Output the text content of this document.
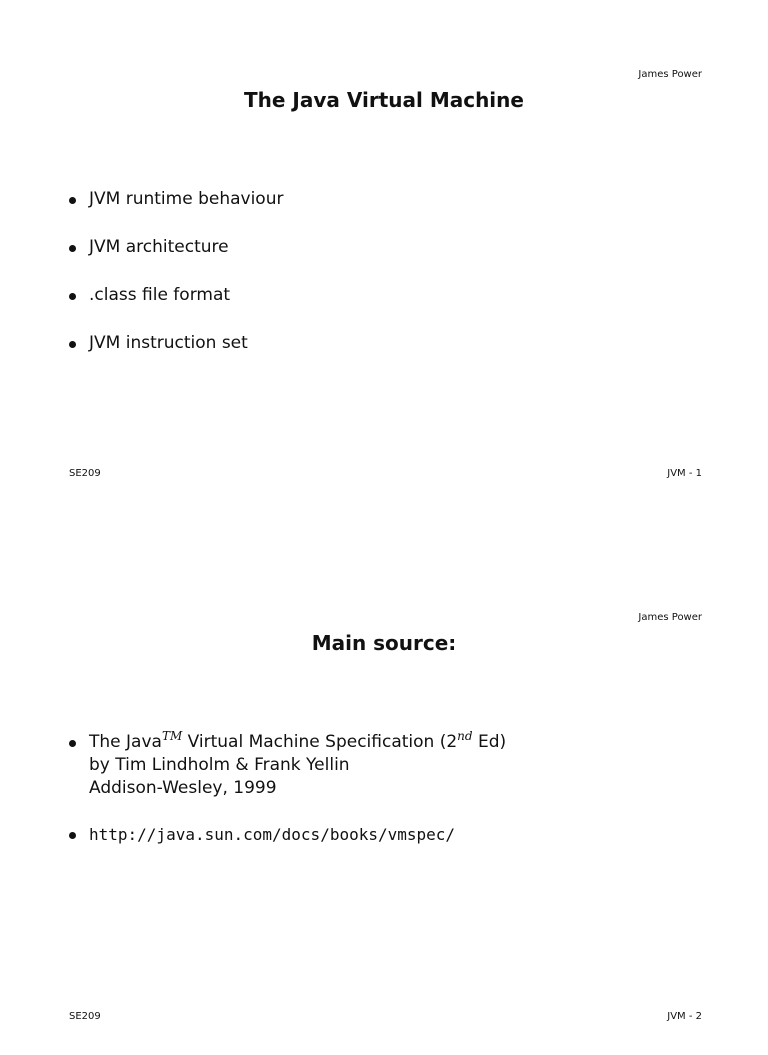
James Power
The Java Virtual Machine
JVM runtime behaviour
JVM architecture
.class file format
JVM instruction set
SE209	JVM - 1
James Power
Main source:
The Java™ Virtual Machine Specification (2nd Ed)
by Tim Lindholm & Frank Yellin
Addison-Wesley, 1999
http://java.sun.com/docs/books/vmspec/
SE209	JVM - 2
